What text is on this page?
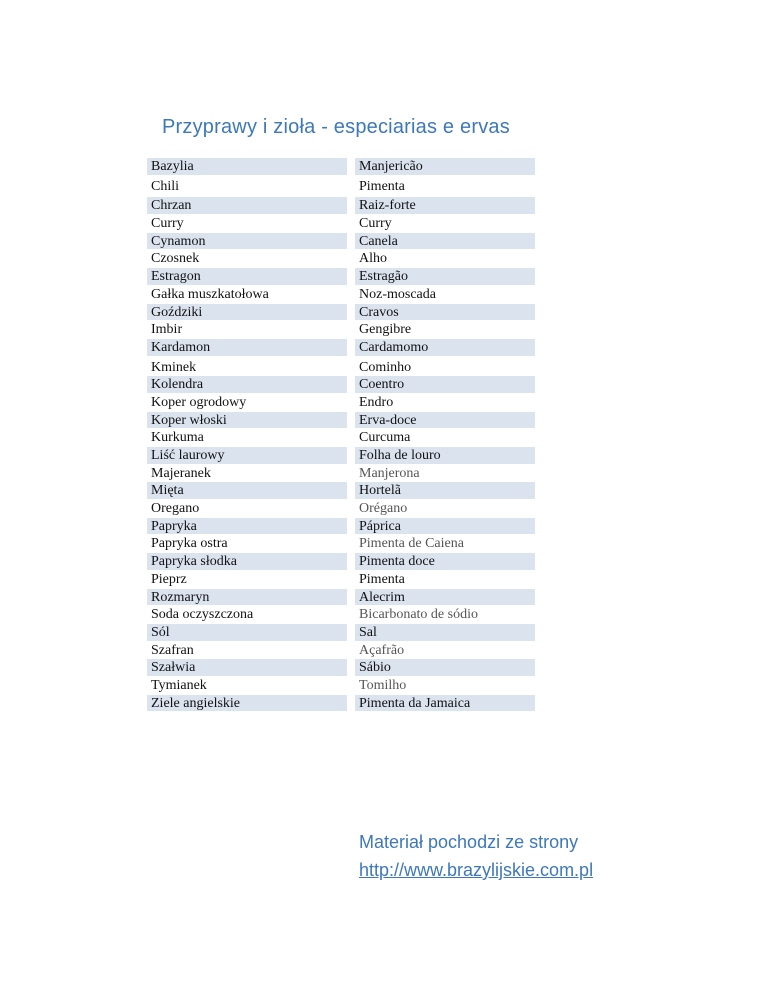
Przyprawy i zioła - especiarias e ervas
Bazylia	Manjericão
Chili	Pimenta
Chrzan	Raiz-forte
Curry	Curry
Cynamon	Canela
Czosnek	Alho
Estragon	Estragão
Gałka muszkatołowa	Noz-moscada
Goździki	Cravos
Imbir	Gengibre
Kardamon	Cardamomo
Kminek	Cominho
Kolendra	Coentro
Koper ogrodowy	Endro
Koper włoski	Erva-doce
Kurkuma	Curcuma
Liść laurowy	Folha de louro
Majeranek	Manjerona
Mięta	Hortelã
Oregano	Orégano
Papryka	Páprica
Papryka ostra	Pimenta de Caiena
Papryka słodka	Pimenta doce
Pieprz	Pimenta
Rozmaryn	Alecrim
Soda oczyszczona	Bicarbonato de sódio
Sól	Sal
Szafran	Açafrão
Szałwia	Sábio
Tymianek	Tomilho
Ziele angielskie	Pimenta da Jamaica
Materiał pochodzi ze strony
http://www.brazylijskie.com.pl
